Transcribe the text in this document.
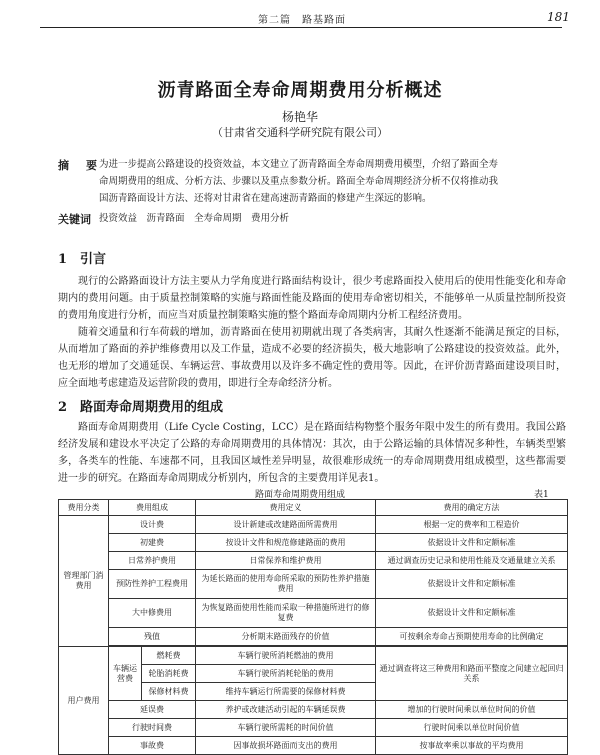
第二篇　路基路面	181
沥青路面全寿命周期费用分析概述
杨艳华
（甘肃省交通科学研究院有限公司）
摘　要 为进一步提高公路建设的投资效益，本文建立了沥青路面全寿命周期费用模型，介绍了路面全寿
命周期费用的组成、分析方法、步骤以及重点参数分析。路面全寿命周期经济分析不仅将推动我
国沥青路面设计方法、还将对甘肃省在建高速沥青路面的修建产生深远的影响。
关键词 投资效益　沥青路面　全寿命周期　费用分析
1　引言
现行的公路路面设计方法主要从力学角度进行路面结构设计，很少考虑路面投入使用后的使用性能变化和寿命期内的费用问题。由于质量控制策略的实施与路面性能及路面的使用寿命密切相关，不能够单一从质量控制所投资的费用角度进行分析，而应当对质量控制策略实施的整个路面寿命周期内分析工程经济费用。
随着交通量和行车荷载的增加，沥青路面在使用初期就出现了各类病害，其耐久性逐渐不能满足预定的目标，从而增加了路面的养护维修费用以及工作量，造成不必要的经济损失，极大地影响了公路建设的投资效益。此外，也无形的增加了交通延误、车辆运营、事故费用以及许多不确定性的费用等。因此，在评价沥青路面建设项目时，应全面地考虑建造及运营阶段的费用，即进行全寿命经济分析。
2　路面寿命周期费用的组成
路面寿命周期费用（Life Cycle Costing，LCC）是在路面结构物整个服务年限中发生的所有费用。我国公路经济发展和建设水平决定了公路的寿命周期费用的具体情况：其次，由于公路运输的具体情况多种性，车辆类型繁多，各类车的性能、车速都不同，且我国区域性差异明显，故很难形成统一的寿命周期费用组成模型，这些都需要进一步的研究。在路面寿命周期成分析别内，所包含的主要费用详见表1。
路面寿命周期费用组成	表1
费用分类	费用组成		费用定义	费用的确定方法
管理部门消费用	设计费		设计新建或改建路面所需费用	根据一定的费率和工程造价
	初建费		按设计文件和规范修建路面的费用	依据设计文件和定额标准
	日常养护费用		日常保养和维护费用	通过调查历史记录和使用性能及交通量建立关系
	预防性养护工程费用		为延长路面的使用寿命所采取的预防性养护措施费用	依据设计文件和定额标准
	大中修费用		为恢复路面使用性能而采取一种措施所进行的修复费	依据设计文件和定额标准
	残值		分析期末路面残存的价值	可按剩余寿命占预期使用寿命的比例确定

用户费用	车辆运营费	燃耗费	车辆行驶所消耗燃油的费用	通过调查将这三种费用和路面平整度之间建立起回归关系
		轮胎消耗费	车辆行驶所消耗轮胎的费用	
		保修材料费	维持车辆运行所需要的保修材料费	
	延误费		养护或改建活动引起的车辆延误费	增加的行驶时间乘以单位时间的价值
	行驶时间费		车辆行驶所需耗的时间价值	行驶时间乘以单位时间价值
	事故费		因事故损坏路面而支出的费用	按事故率乘以事故的平均费用
